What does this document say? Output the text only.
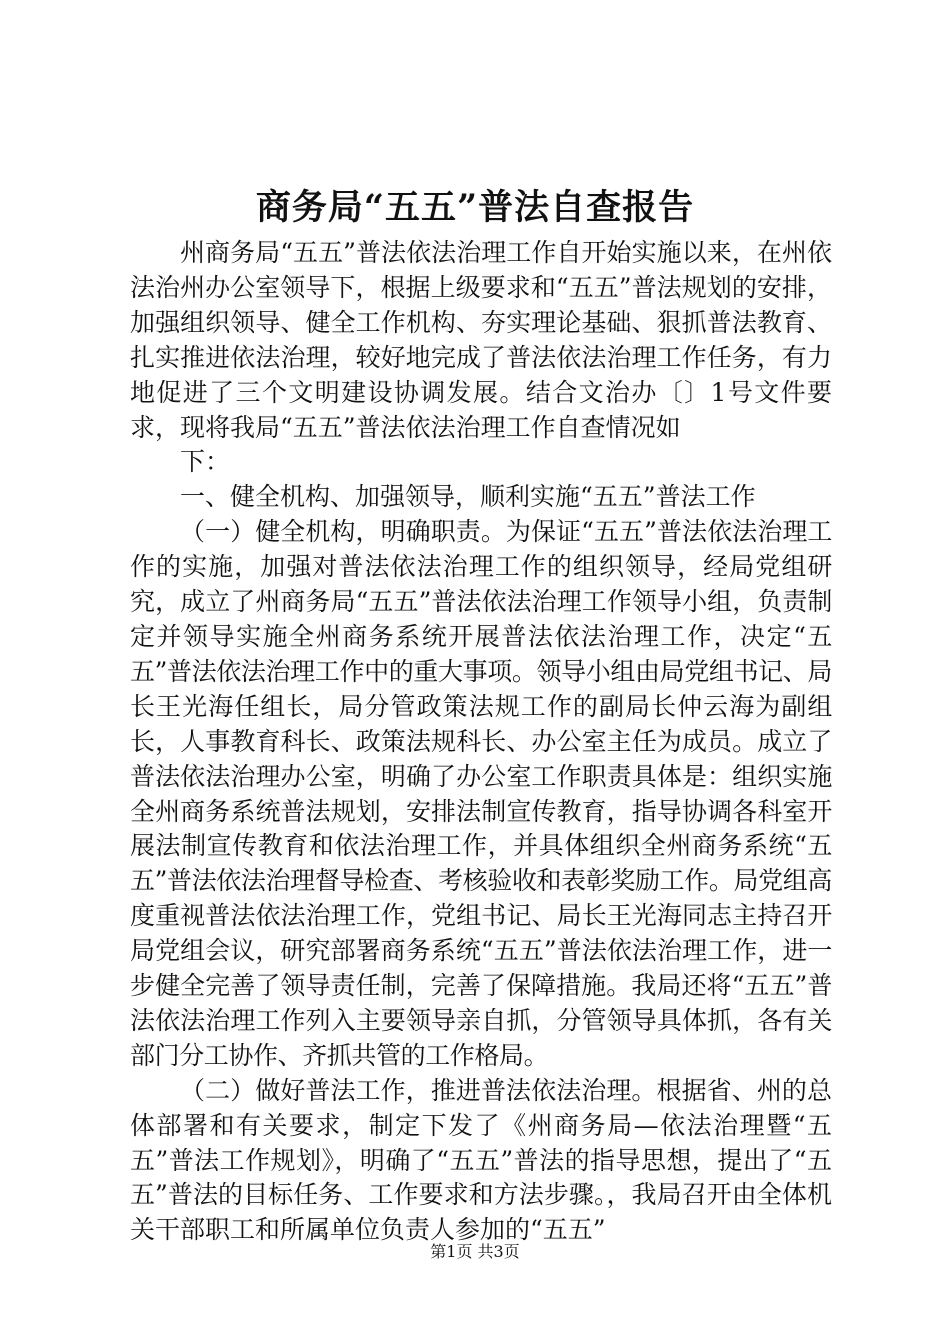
商务局“五五”普法自查报告

州商务局“五五”普法依法治理工作自开始实施以来，在州依法治州办公室领导下，根据上级要求和“五五”普法规划的安排，加强组织领导、健全工作机构、夯实理论基础、狠抓普法教育、扎实推进依法治理，较好地完成了普法依法治理工作任务，有力地促进了三个文明建设协调发展。结合文治办〔〕1号文件要求，现将我局“五五”普法依法治理工作自查情况如

下：

一、健全机构、加强领导，顺利实施“五五”普法工作

（一）健全机构，明确职责。为保证“五五”普法依法治理工作的实施，加强对普法依法治理工作的组织领导，经局党组研究，成立了州商务局“五五”普法依法治理工作领导小组，负责制定并领导实施全州商务系统开展普法依法治理工作，决定“五五”普法依法治理工作中的重大事项。领导小组由局党组书记、局长王光海任组长，局分管政策法规工作的副局长仲云海为副组长，人事教育科长、政策法规科长、办公室主任为成员。成立了普法依法治理办公室，明确了办公室工作职责具体是：组织实施全州商务系统普法规划，安排法制宣传教育，指导协调各科室开展法制宣传教育和依法治理工作，并具体组织全州商务系统“五五”普法依法治理督导检查、考核验收和表彰奖励工作。局党组高度重视普法依法治理工作，党组书记、局长王光海同志主持召开局党组会议，研究部署商务系统“五五”普法依法治理工作，进一步健全完善了领导责任制，完善了保障措施。我局还将“五五”普法依法治理工作列入主要领导亲自抓，分管领导具体抓，各有关部门分工协作、齐抓共管的工作格局。

（二）做好普法工作，推进普法依法治理。根据省、州的总体部署和有关要求，制定下发了《州商务局—依法治理暨“五五”普法工作规划》，明确了“五五”普法的指导思想，提出了“五五”普法的目标任务、工作要求和方法步骤。，我局召开由全体机关干部职工和所属单位负责人参加的“五五”

第1页 共3页
